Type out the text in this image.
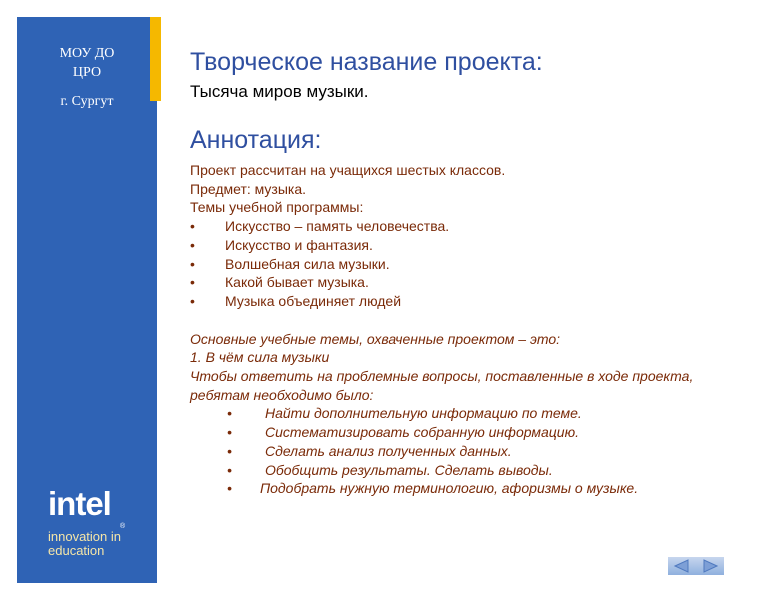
МОУ ДО
ЦРО
г. Сургут
intel
®
innovation in
education
Творческое название проекта:
Тысяча миров музыки.
Аннотация:

Проект рассчитан на учащихся шестых классов.

Предмет: музыка.

Темы учебной программы:

• Искусство – память человечества.
• Искусство и фантазия.
• Волшебная сила музыки.
• Какой бывает музыка.
• Музыка объединяет людей

Основные учебные темы, охваченные проектом – это:

1. В чём сила музыки

Чтобы ответить на проблемные вопросы, поставленные в ходе проекта, ребятам необходимо было:

• Найти дополнительную информацию по теме.
• Систематизировать собранную информацию.
• Сделать анализ полученных данных.
• Обобщить результаты. Сделать выводы.
• Подобрать нужную терминологию, афоризмы о музыке.
